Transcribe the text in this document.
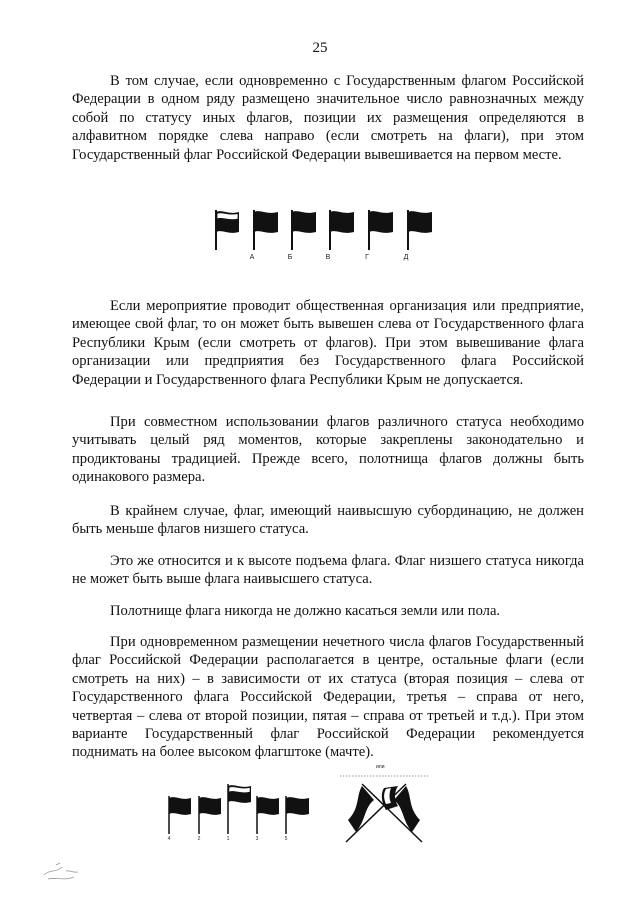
25

В том случае, если одновременно с Государственным флагом Российской Федерации в одном ряду размещено значительное число равнозначных между собой по статусу иных флагов, позиции их размещения определяются в алфавитном порядке слева направо (если смотреть на флаги), при этом Государственный флаг Российской Федерации вывешивается на первом месте.

А	Б	В	Г	Д

Если мероприятие проводит общественная организация или предприятие, имеющее свой флаг, то он может быть вывешен слева от Государственного флага Республики Крым (если смотреть от флагов). При этом вывешивание флага организации или предприятия без Государственного флага Российской Федерации и Государственного флага Республики Крым не допускается.

При совместном использовании флагов различного статуса необходимо учитывать целый ряд моментов, которые закреплены законодательно и продиктованы традицией. Прежде всего, полотнища флагов должны быть одинакового размера.

В крайнем случае, флаг, имеющий наивысшую субординацию, не должен быть меньше флагов низшего статуса.

Это же относится и к высоте подъема флага. Флаг низшего статуса никогда не может быть выше флага наивысшего статуса.

Полотнище флага никогда не должно касаться земли или пола.

При одновременном размещении нечетного числа флагов Государственный флаг Российской Федерации располагается в центре, остальные флаги (если смотреть на них) – в зависимости от их статуса (вторая позиция – слева от Государственного флага Российской Федерации, третья – справа от него, четвертая – слева от второй позиции, пятая – справа от третьей и т.д.). При этом варианте Государственный флаг Российской Федерации рекомендуется поднимать на более высоком флагштоке (мачте).

4	2	1	3	5
или
